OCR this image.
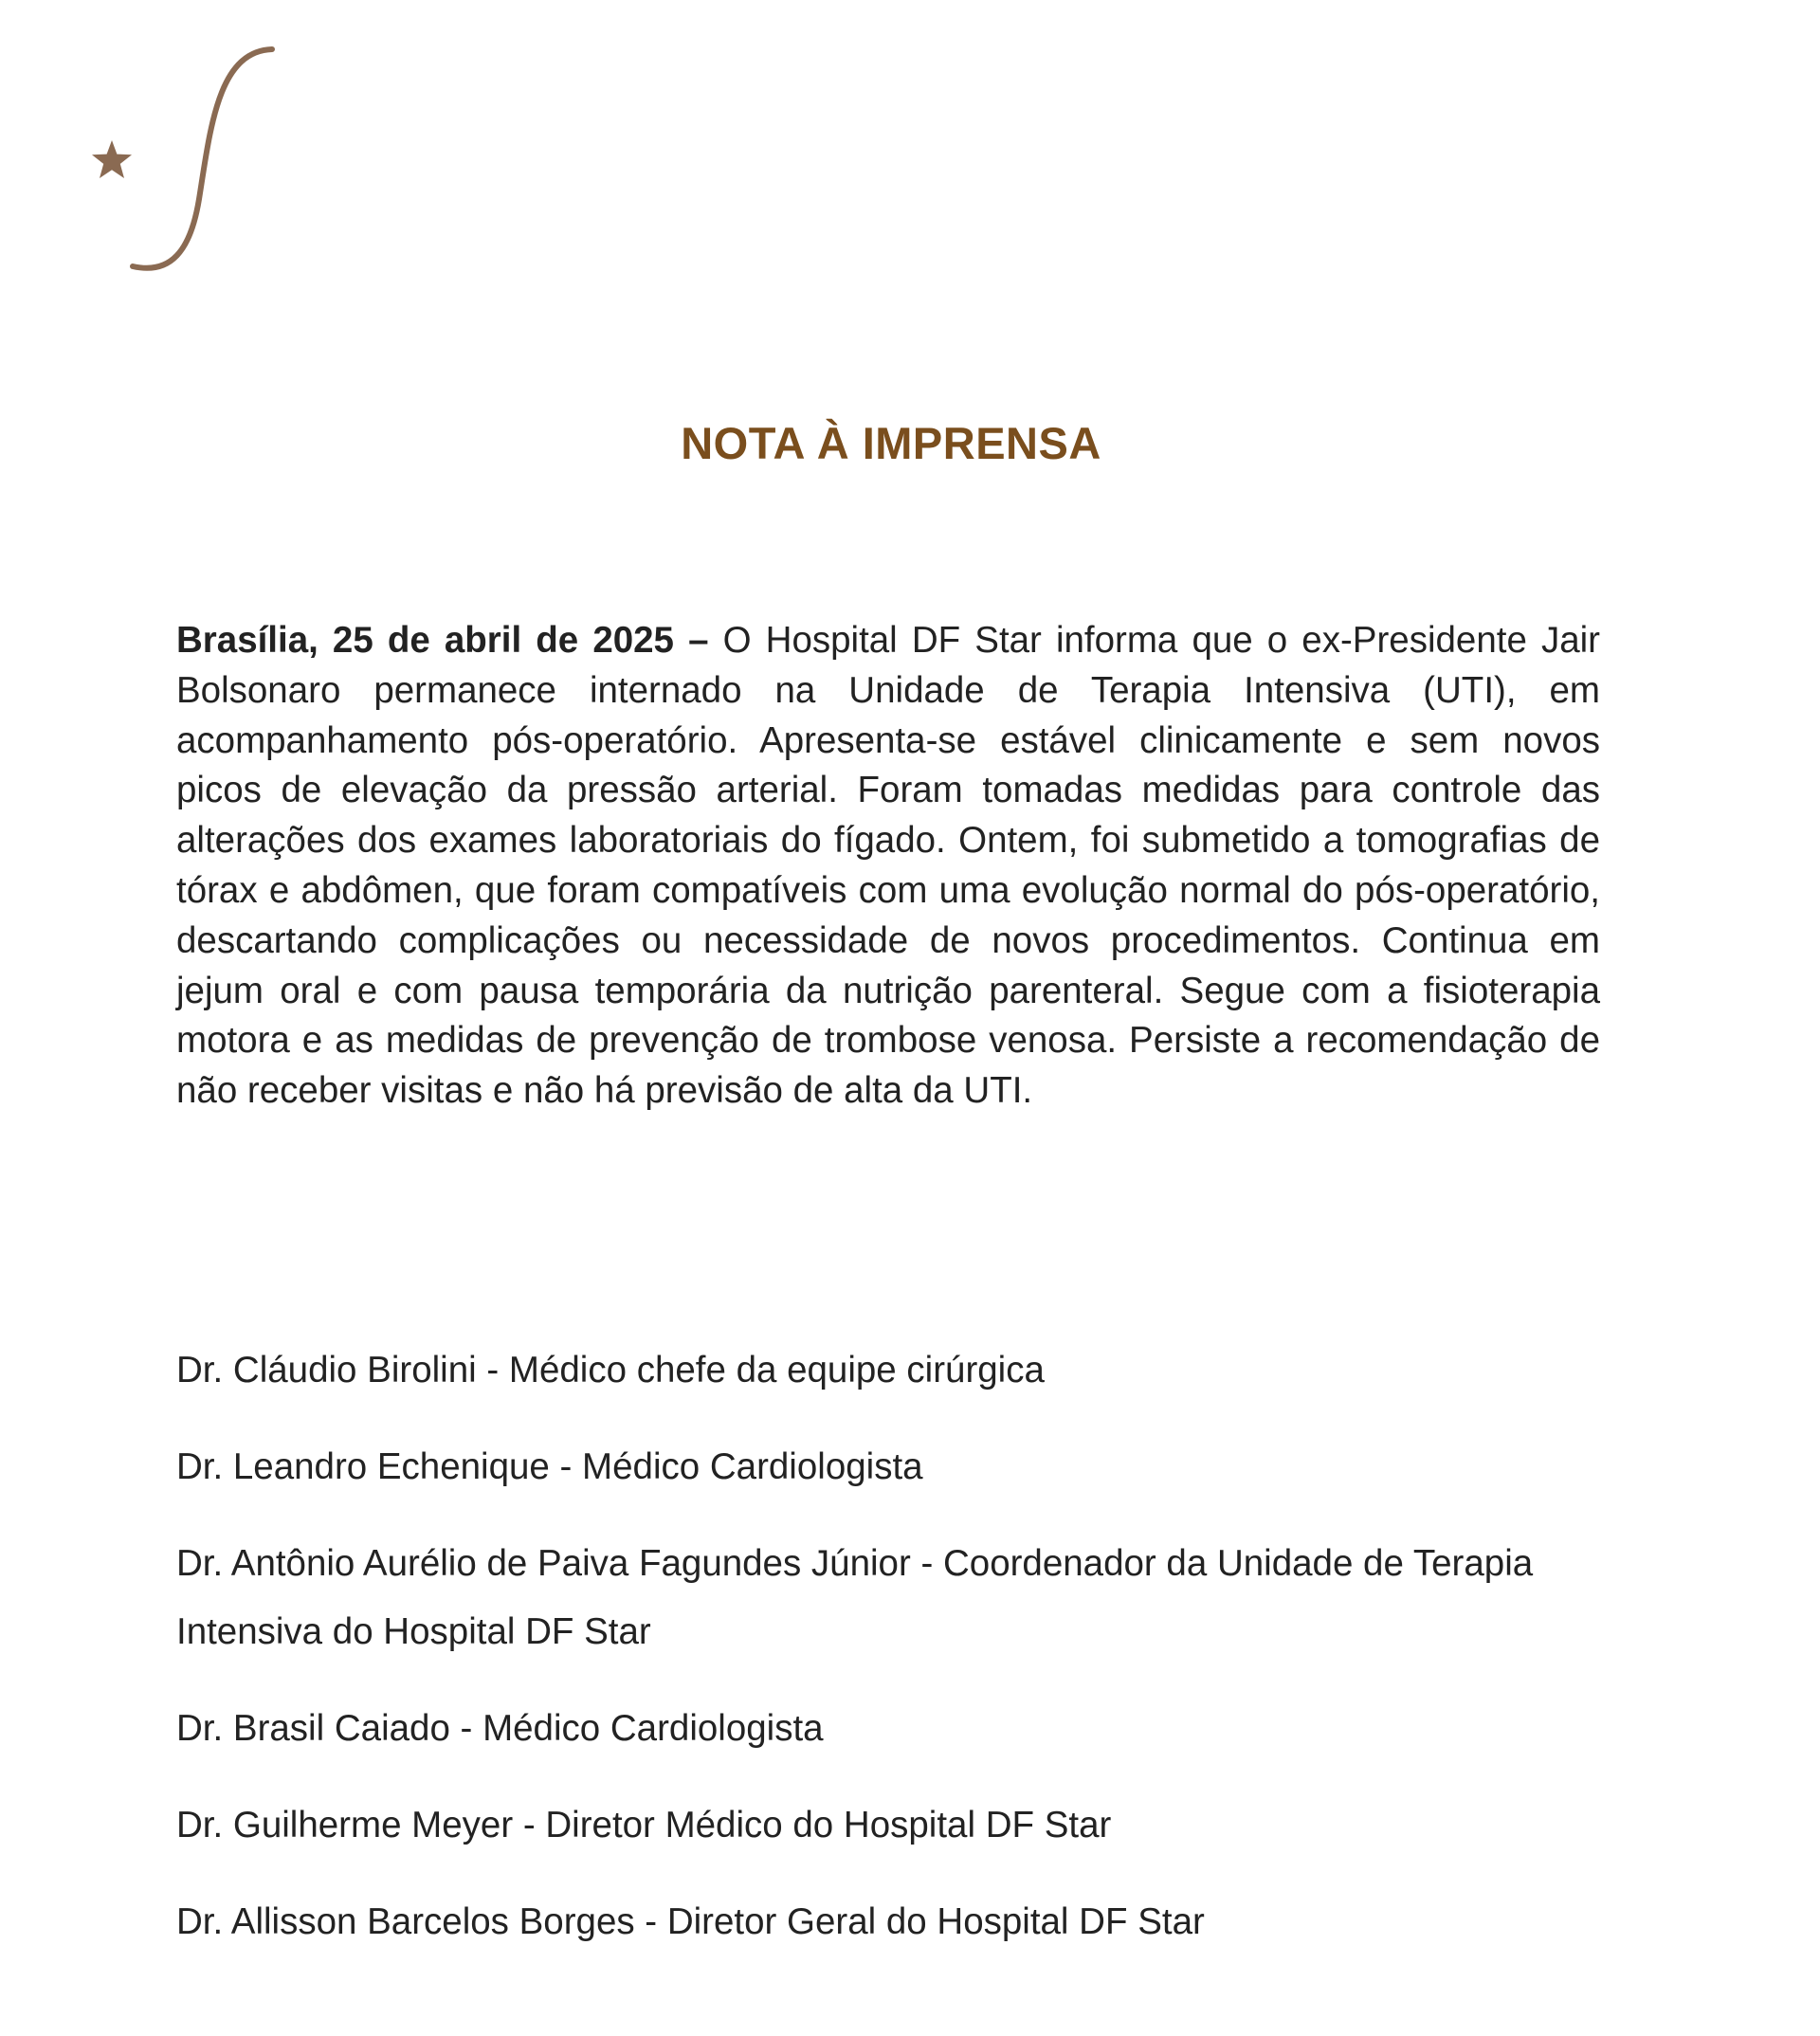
NOTA À IMPRENSA

Brasília, 25 de abril de 2025 – O Hospital DF Star informa que o ex-Presidente Jair Bolsonaro permanece internado na Unidade de Terapia Intensiva (UTI), em acompanhamento pós-operatório. Apresenta-se estável clinicamente e sem novos picos de elevação da pressão arterial. Foram tomadas medidas para controle das alterações dos exames laboratoriais do fígado. Ontem, foi submetido a tomografias de tórax e abdômen, que foram compatíveis com uma evolução normal do pós-operatório, descartando complicações ou necessidade de novos procedimentos. Continua em jejum oral e com pausa temporária da nutrição parenteral. Segue com a fisioterapia motora e as medidas de prevenção de trombose venosa. Persiste a recomendação de não receber visitas e não há previsão de alta da UTI.

Dr. Cláudio Birolini - Médico chefe da equipe cirúrgica
Dr. Leandro Echenique - Médico Cardiologista
Dr. Antônio Aurélio de Paiva Fagundes Júnior - Coordenador da Unidade de Terapia Intensiva do Hospital DF Star
Dr. Brasil Caiado - Médico Cardiologista
Dr. Guilherme Meyer - Diretor Médico do Hospital DF Star
Dr. Allisson Barcelos Borges - Diretor Geral do Hospital DF Star
